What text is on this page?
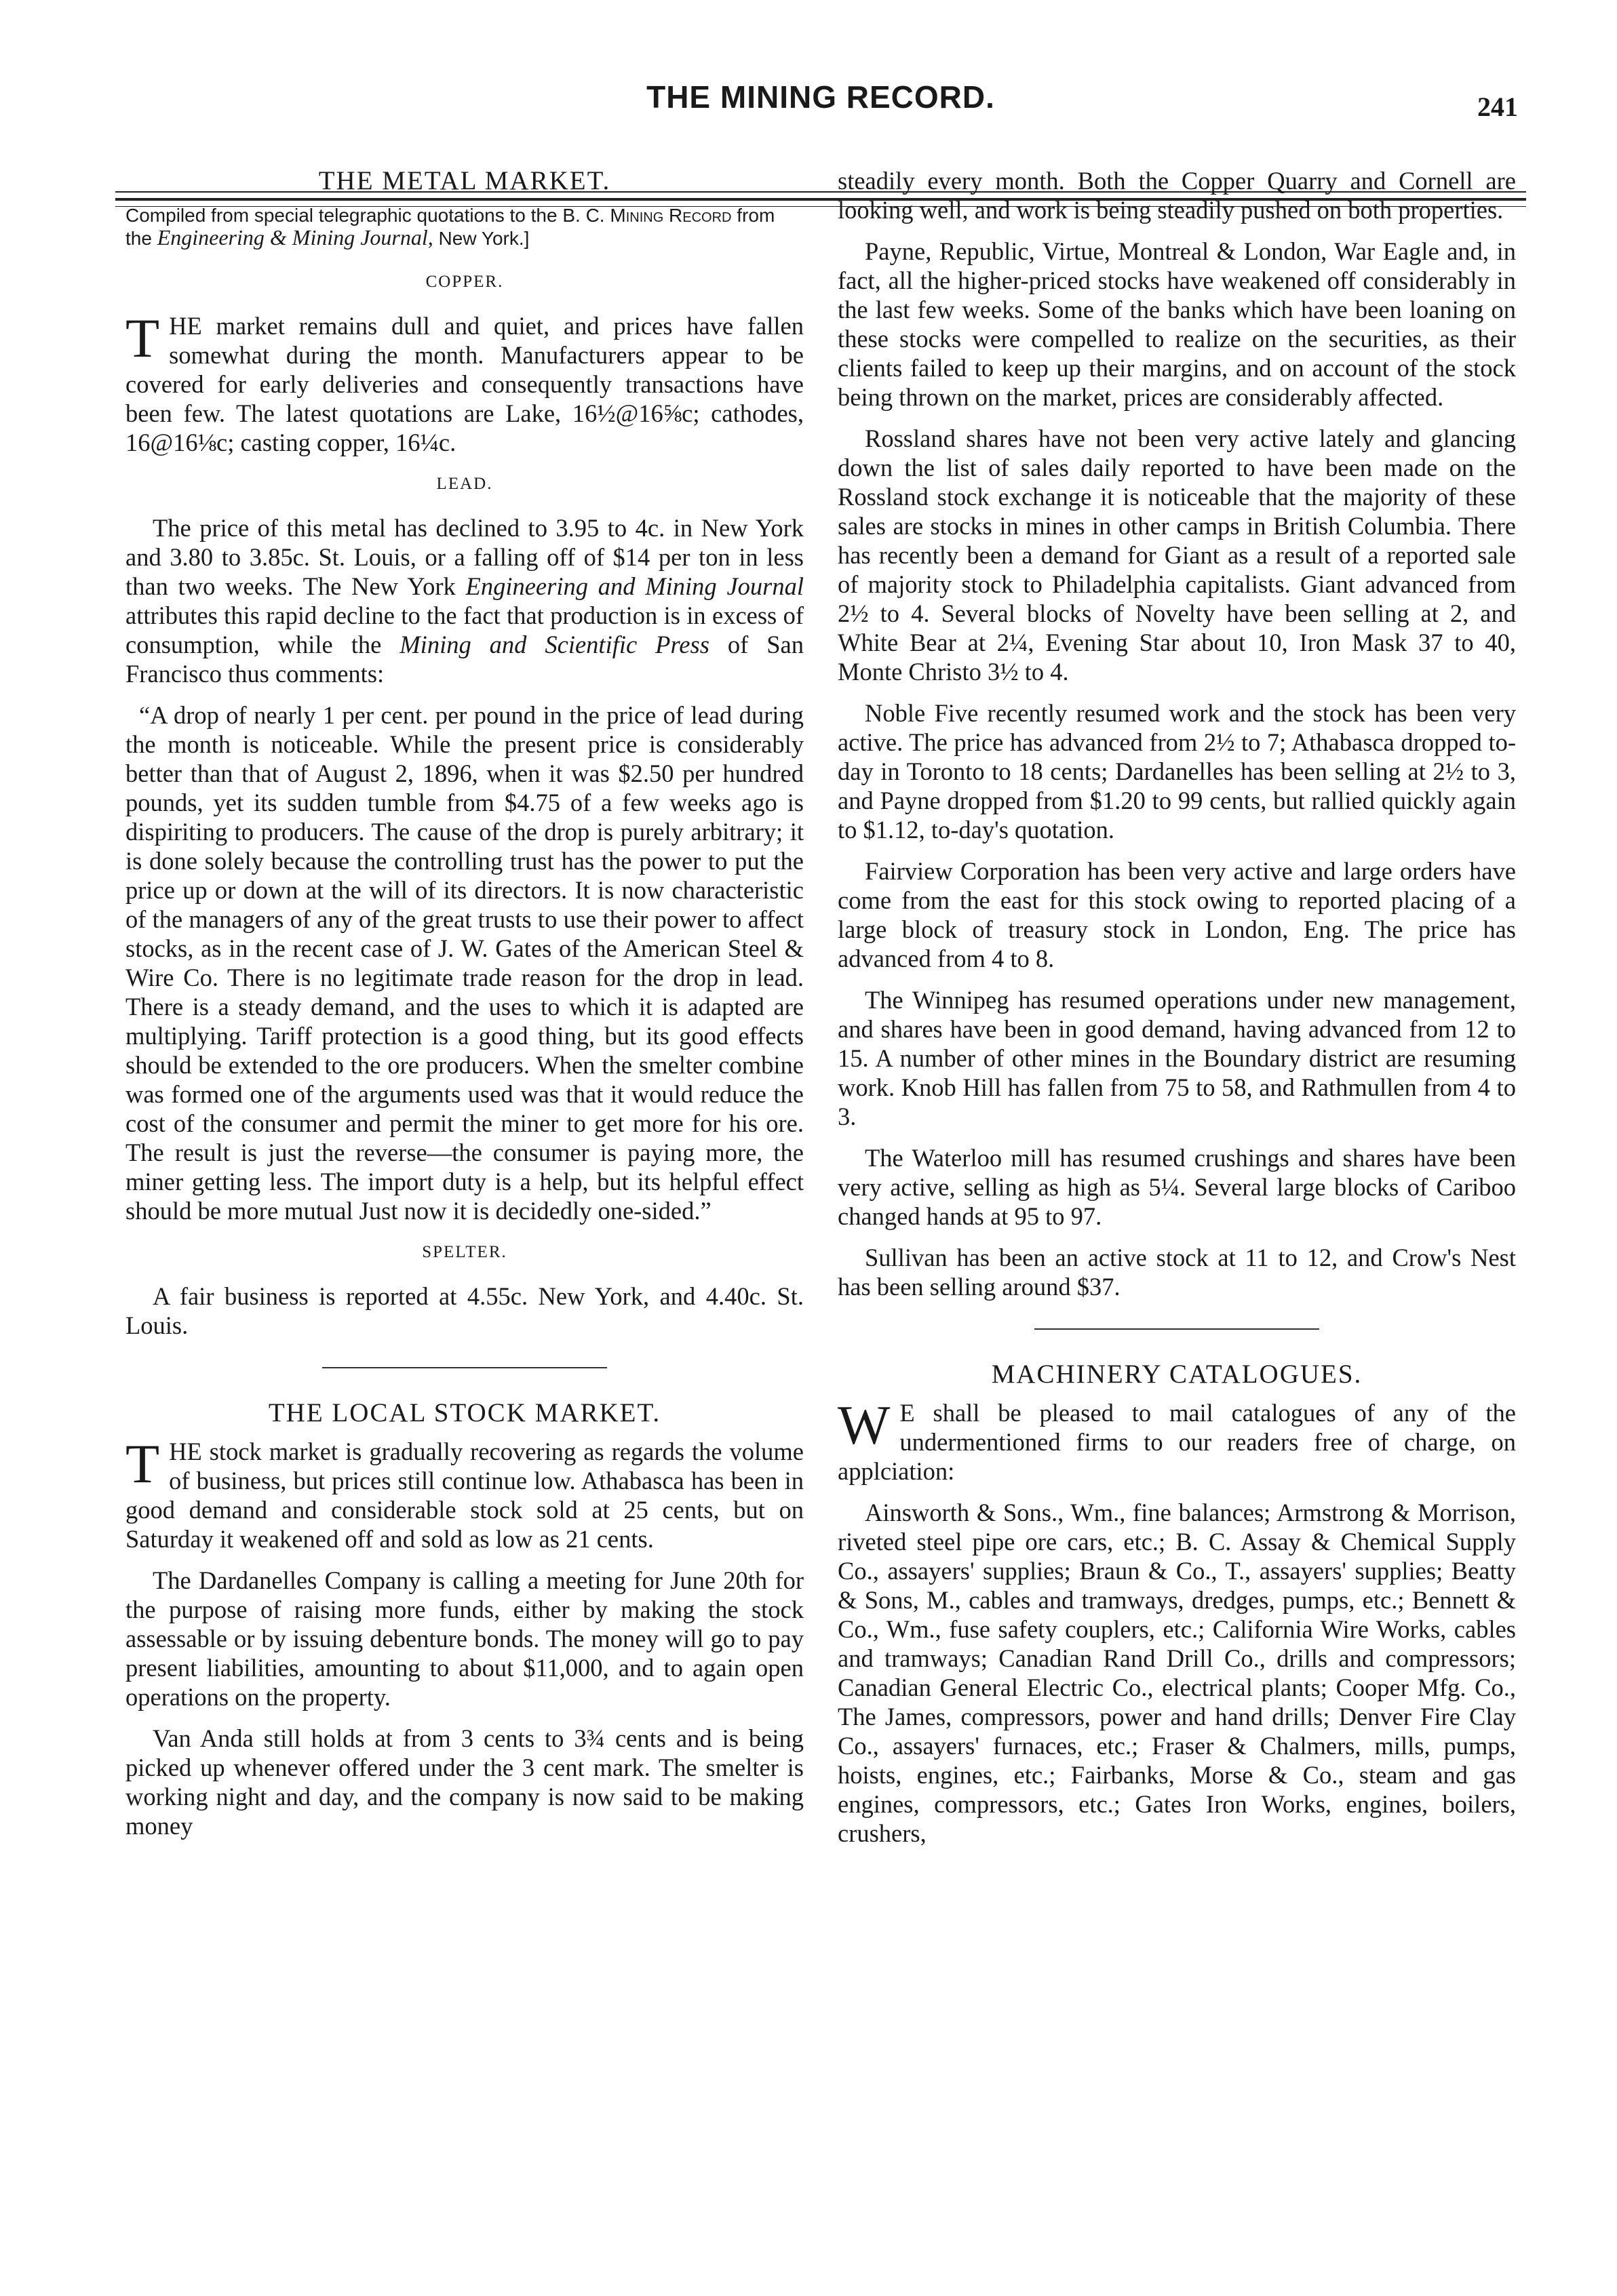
THE MINING RECORD.	241
THE METAL MARKET.
Compiled from special telegraphic quotations to the B. C. Mining Record from the Engineering & Mining Journal, New York.]
COPPER.

THE market remains dull and quiet, and prices have fallen somewhat during the month. Manufacturers appear to be covered for early deliveries and consequently transactions have been few. The latest quotations are Lake, 16½@16⅝c; cathodes, 16@16⅛c; casting copper, 16¼c.

LEAD.

The price of this metal has declined to 3.95 to 4c. in New York and 3.80 to 3.85c. St. Louis, or a falling off of $14 per ton in less than two weeks. The New York Engineering and Mining Journal attributes this rapid decline to the fact that production is in excess of consumption, while the Mining and Scientific Press of San Francisco thus comments:

“A drop of nearly 1 per cent. per pound in the price of lead during the month is noticeable. While the present price is considerably better than that of August 2, 1896, when it was $2.50 per hundred pounds, yet its sudden tumble from $4.75 of a few weeks ago is dispiriting to producers. The cause of the drop is purely arbitrary; it is done solely because the controlling trust has the power to put the price up or down at the will of its directors. It is now characteristic of the managers of any of the great trusts to use their power to affect stocks, as in the recent case of J. W. Gates of the American Steel & Wire Co. There is no legitimate trade reason for the drop in lead. There is a steady demand, and the uses to which it is adapted are multiplying. Tariff protection is a good thing, but its good effects should be extended to the ore producers. When the smelter combine was formed one of the arguments used was that it would reduce the cost of the consumer and permit the miner to get more for his ore. The result is just the reverse—the consumer is paying more, the miner getting less. The import duty is a help, but its helpful effect should be more mutual Just now it is decidedly one-sided.”

SPELTER.

A fair business is reported at 4.55c. New York, and 4.40c. St. Louis.

THE LOCAL STOCK MARKET.

THE stock market is gradually recovering as regards the volume of business, but prices still continue low. Athabasca has been in good demand and considerable stock sold at 25 cents, but on Saturday it weakened off and sold as low as 21 cents.

The Dardanelles Company is calling a meeting for June 20th for the purpose of raising more funds, either by making the stock assessable or by issuing debenture bonds. The money will go to pay present liabilities, amounting to about $11,000, and to again open operations on the property.

Van Anda still holds at from 3 cents to 3¾ cents and is being picked up whenever offered under the 3 cent mark. The smelter is working night and day, and the company is now said to be making money

steadily every month. Both the Copper Quarry and Cornell are looking well, and work is being steadily pushed on both properties.

Payne, Republic, Virtue, Montreal & London, War Eagle and, in fact, all the higher-priced stocks have weakened off considerably in the last few weeks. Some of the banks which have been loaning on these stocks were compelled to realize on the securities, as their clients failed to keep up their margins, and on account of the stock being thrown on the market, prices are considerably affected.

Rossland shares have not been very active lately and glancing down the list of sales daily reported to have been made on the Rossland stock exchange it is noticeable that the majority of these sales are stocks in mines in other camps in British Columbia. There has recently been a demand for Giant as a result of a reported sale of majority stock to Philadelphia capitalists. Giant advanced from 2½ to 4. Several blocks of Novelty have been selling at 2, and White Bear at 2¼, Evening Star about 10, Iron Mask 37 to 40, Monte Christo 3½ to 4.

Noble Five recently resumed work and the stock has been very active. The price has advanced from 2½ to 7; Athabasca dropped to-day in Toronto to 18 cents; Dardanelles has been selling at 2½ to 3, and Payne dropped from $1.20 to 99 cents, but rallied quickly again to $1.12, to-day's quotation.

Fairview Corporation has been very active and large orders have come from the east for this stock owing to reported placing of a large block of treasury stock in London, Eng. The price has advanced from 4 to 8.

The Winnipeg has resumed operations under new management, and shares have been in good demand, having advanced from 12 to 15. A number of other mines in the Boundary district are resuming work. Knob Hill has fallen from 75 to 58, and Rathmullen from 4 to 3.

The Waterloo mill has resumed crushings and shares have been very active, selling as high as 5¼. Several large blocks of Cariboo changed hands at 95 to 97.

Sullivan has been an active stock at 11 to 12, and Crow's Nest has been selling around $37.

MACHINERY CATALOGUES.

W E shall be pleased to mail catalogues of any of the undermentioned firms to our readers free of charge, on applciation:

Ainsworth & Sons., Wm., fine balances; Armstrong & Morrison, riveted steel pipe ore cars, etc.; B. C. Assay & Chemical Supply Co., assayers' supplies; Braun & Co., T., assayers' supplies; Beatty & Sons, M., cables and tramways, dredges, pumps, etc.; Bennett & Co., Wm., fuse safety couplers, etc.; California Wire Works, cables and tramways; Canadian Rand Drill Co., drills and compressors; Canadian General Electric Co., electrical plants; Cooper Mfg. Co., The James, compressors, power and hand drills; Denver Fire Clay Co., assayers' furnaces, etc.; Fraser & Chalmers, mills, pumps, hoists, engines, etc.; Fairbanks, Morse & Co., steam and gas engines, compressors, etc.; Gates Iron Works, engines, boilers, crushers,
